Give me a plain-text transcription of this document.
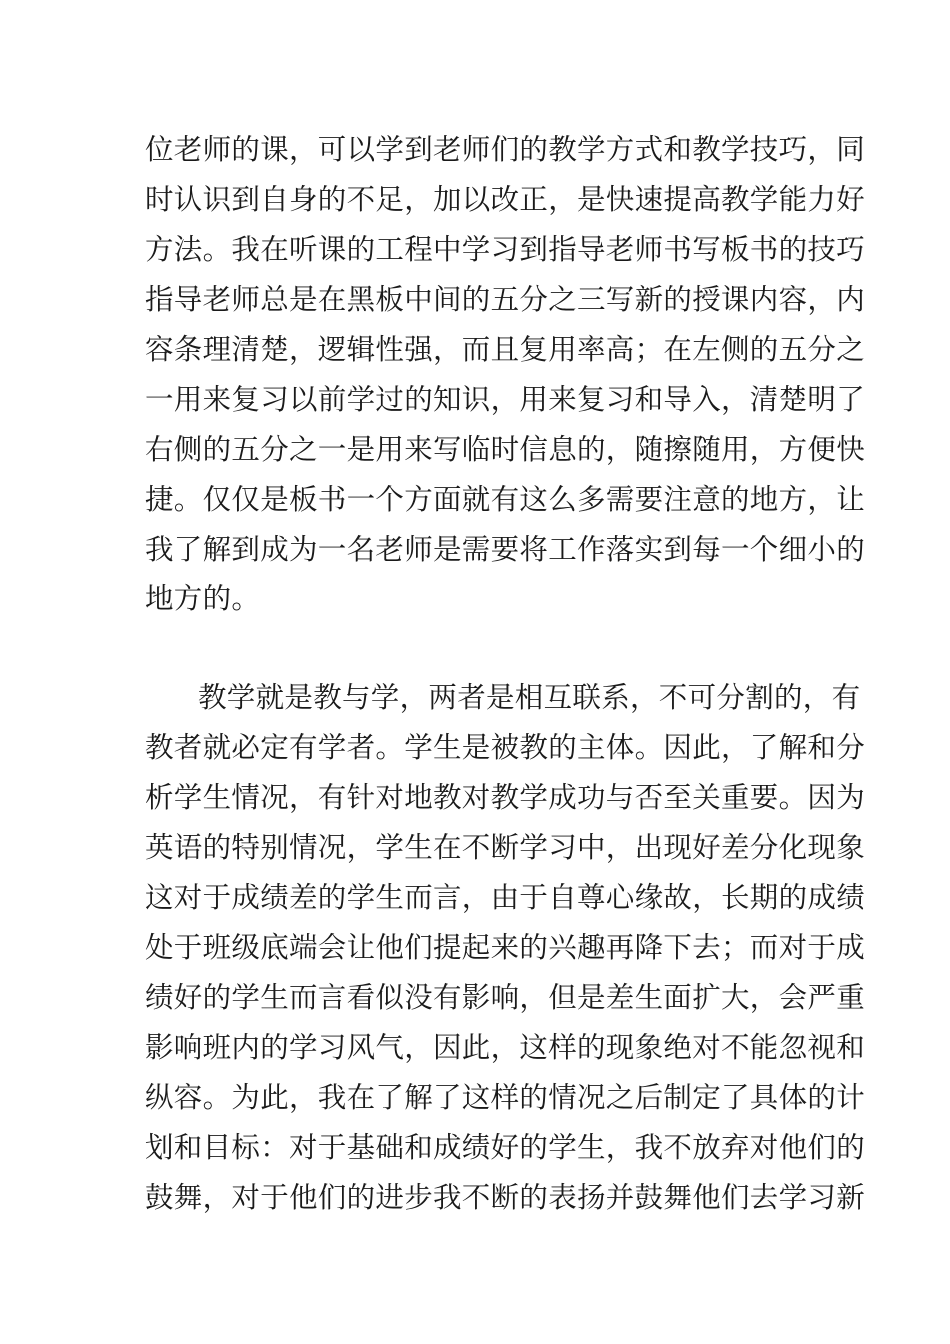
位老师的课，可以学到老师们的教学方式和教学技巧，同
时认识到自身的不足，加以改正，是快速提高教学能力好
方法。我在听课的工程中学习到指导老师书写板书的技巧
指导老师总是在黑板中间的五分之三写新的授课内容，内
容条理清楚，逻辑性强，而且复用率高；在左侧的五分之
一用来复习以前学过的知识，用来复习和导入，清楚明了
右侧的五分之一是用来写临时信息的，随擦随用，方便快
捷。仅仅是板书一个方面就有这么多需要注意的地方，让
我了解到成为一名老师是需要将工作落实到每一个细小的
地方的。
教学就是教与学，两者是相互联系，不可分割的，有
教者就必定有学者。学生是被教的主体。因此，了解和分
析学生情况，有针对地教对教学成功与否至关重要。因为
英语的特别情况，学生在不断学习中，出现好差分化现象
这对于成绩差的学生而言，由于自尊心缘故，长期的成绩
处于班级底端会让他们提起来的兴趣再降下去；而对于成
绩好的学生而言看似没有影响，但是差生面扩大，会严重
影响班内的学习风气，因此，这样的现象绝对不能忽视和
纵容。为此，我在了解了这样的情况之后制定了具体的计
划和目标：对于基础和成绩好的学生，我不放弃对他们的
鼓舞，对于他们的进步我不断的表扬并鼓舞他们去学习新
